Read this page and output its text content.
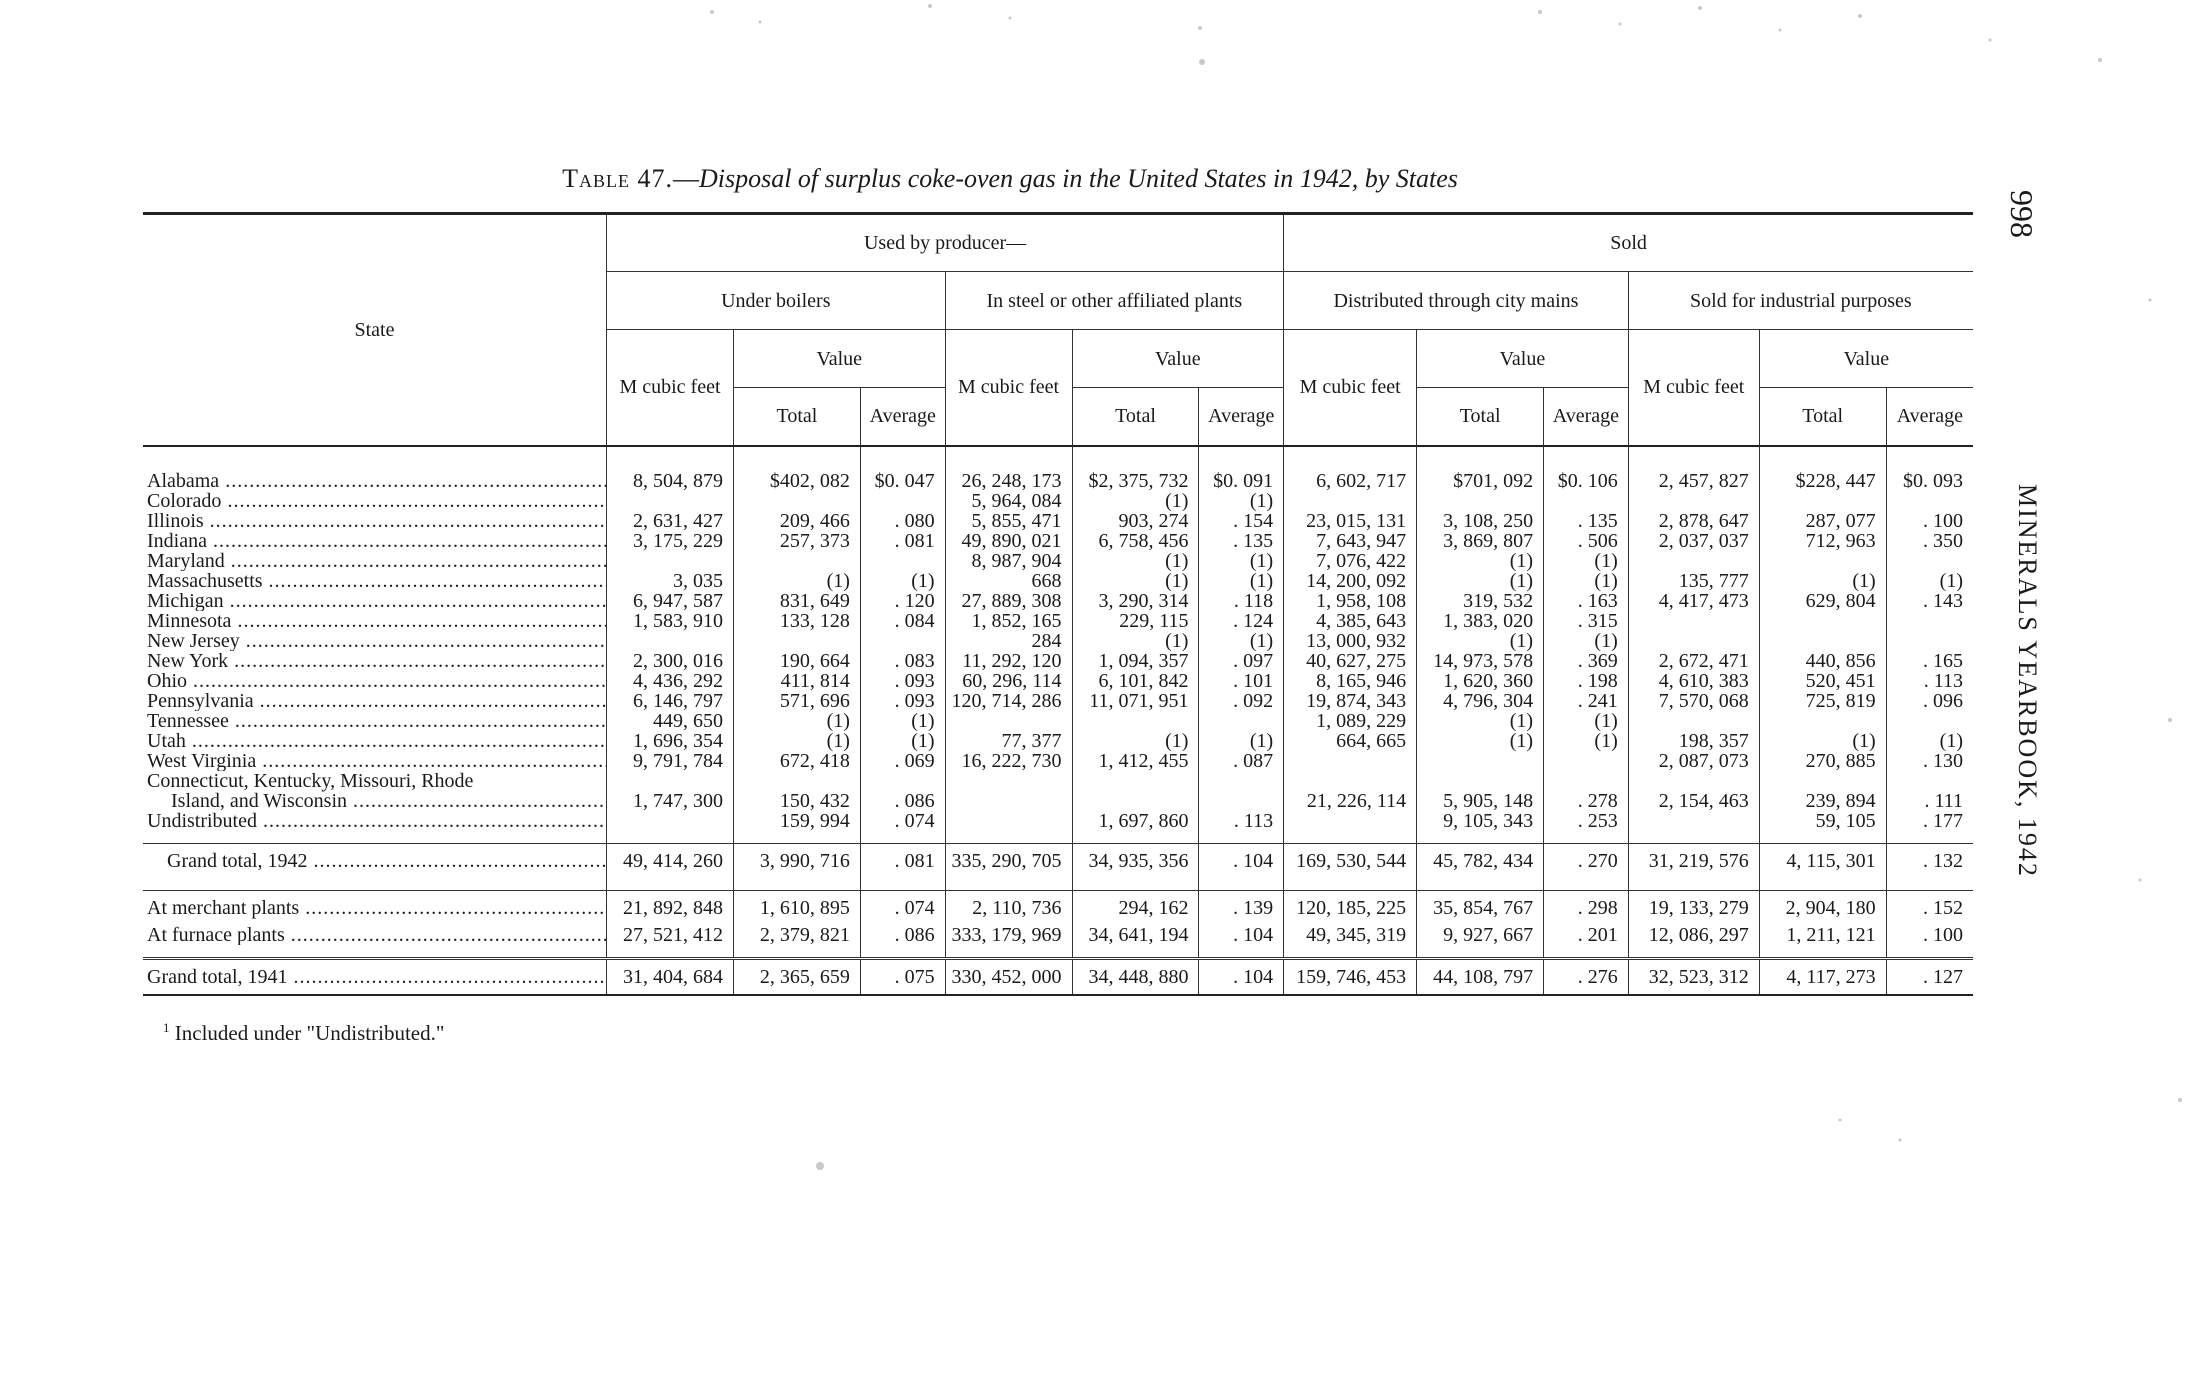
Table 47.—Disposal of surplus coke-oven gas in the United States in 1942, by States
998
MINERALS YEARBOOK, 1942
State	Used by producer—						Sold					
	Under boilers			In steel or other affiliated plants			Distributed through city mains			Sold for industrial purposes		
	M cubic feet	Value		M cubic feet	Value		M cubic feet	Value		M cubic feet	Value	
		Total	Average		Total	Average		Total	Average		Total	Average

Alabama .....	8, 504, 879	$402, 082	$0. 047	26, 248, 173	$2, 375, 732	$0. 091	6, 602, 717	$701, 092	$0. 106	2, 457, 827	$228, 447	$0. 093
Colorado .....				5, 964, 084	(1)	(1)						
Illinois .....	2, 631, 427	209, 466	. 080	5, 855, 471	903, 274	. 154	23, 015, 131	3, 108, 250	. 135	2, 878, 647	287, 077	. 100
Indiana .....	3, 175, 229	257, 373	. 081	49, 890, 021	6, 758, 456	. 135	7, 643, 947	3, 869, 807	. 506	2, 037, 037	712, 963	. 350
Maryland .....				8, 987, 904	(1)	(1)	7, 076, 422	(1)	(1)			
Massachusetts .....	3, 035	(1)	(1)	668	(1)	(1)	14, 200, 092	(1)	(1)	135, 777	(1)	(1)
Michigan .....	6, 947, 587	831, 649	. 120	27, 889, 308	3, 290, 314	. 118	1, 958, 108	319, 532	. 163	4, 417, 473	629, 804	. 143
Minnesota .....	1, 583, 910	133, 128	. 084	1, 852, 165	229, 115	. 124	4, 385, 643	1, 383, 020	. 315			
New Jersey .....				284	(1)	(1)	13, 000, 932	(1)	(1)			
New York .....	2, 300, 016	190, 664	. 083	11, 292, 120	1, 094, 357	. 097	40, 627, 275	14, 973, 578	. 369	2, 672, 471	440, 856	. 165
Ohio .....	4, 436, 292	411, 814	. 093	60, 296, 114	6, 101, 842	. 101	8, 165, 946	1, 620, 360	. 198	4, 610, 383	520, 451	. 113
Pennsylvania .....	6, 146, 797	571, 696	. 093	120, 714, 286	11, 071, 951	. 092	19, 874, 343	4, 796, 304	. 241	7, 570, 068	725, 819	. 096
Tennessee .....	449, 650	(1)	(1)				1, 089, 229	(1)	(1)			
Utah .....	1, 696, 354	(1)	(1)	77, 377	(1)	(1)	664, 665	(1)	(1)	198, 357	(1)	(1)
West Virginia .....	9, 791, 784	672, 418	. 069	16, 222, 730	1, 412, 455	. 087				2, 087, 073	270, 885	. 130

Connecticut, Kentucky, Missouri, Rhode
Island, and Wisconsin .....	1, 747, 300	150, 432	. 086				21, 226, 114	5, 905, 148	. 278	2, 154, 463	239, 894	. 111
Undistributed .....		159, 994	. 074		1, 697, 860	. 113		9, 105, 343	. 253		59, 105	. 177

Grand total, 1942 .....	49, 414, 260	3, 990, 716	. 081	335, 290, 705	34, 935, 356	. 104	169, 530, 544	45, 782, 434	. 270	31, 219, 576	4, 115, 301	. 132

At merchant plants .....	21, 892, 848	1, 610, 895	. 074	2, 110, 736	294, 162	. 139	120, 185, 225	35, 854, 767	. 298	19, 133, 279	2, 904, 180	. 152
At furnace plants .....	27, 521, 412	2, 379, 821	. 086	333, 179, 969	34, 641, 194	. 104	49, 345, 319	9, 927, 667	. 201	12, 086, 297	1, 211, 121	. 100

Grand total, 1941 .....	31, 404, 684	2, 365, 659	. 075	330, 452, 000	34, 448, 880	. 104	159, 746, 453	44, 108, 797	. 276	32, 523, 312	4, 117, 273	. 127
$^1$ Included under "Undistributed."
